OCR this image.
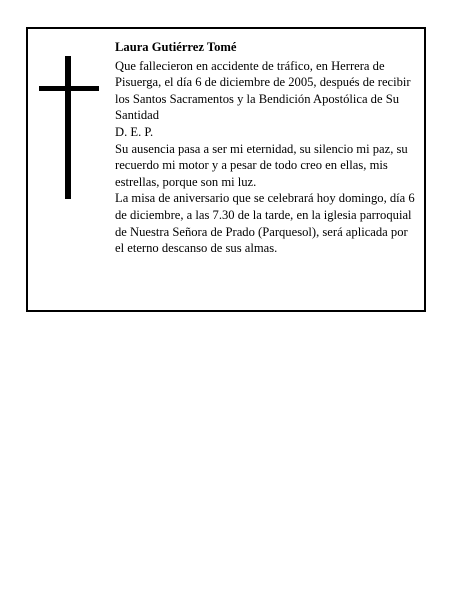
Laura Gutiérrez Tomé

Que fallecieron en accidente de tráfico, en Herrera de Pisuerga, el día 6 de diciembre de 2005, después de recibir los Santos Sacramentos y la Bendición Apostólica de Su Santidad

D. E. P.

Su ausencia pasa a ser mi eternidad, su silencio mi paz, su recuerdo mi motor y a pesar de todo creo en ellas, mis estrellas, porque son mi luz.

La misa de aniversario que se celebrará hoy domingo, día 6 de diciembre, a las 7.30 de la tarde, en la iglesia parroquial de Nuestra Señora de Prado (Parquesol), será aplicada por el eterno descanso de sus almas.
